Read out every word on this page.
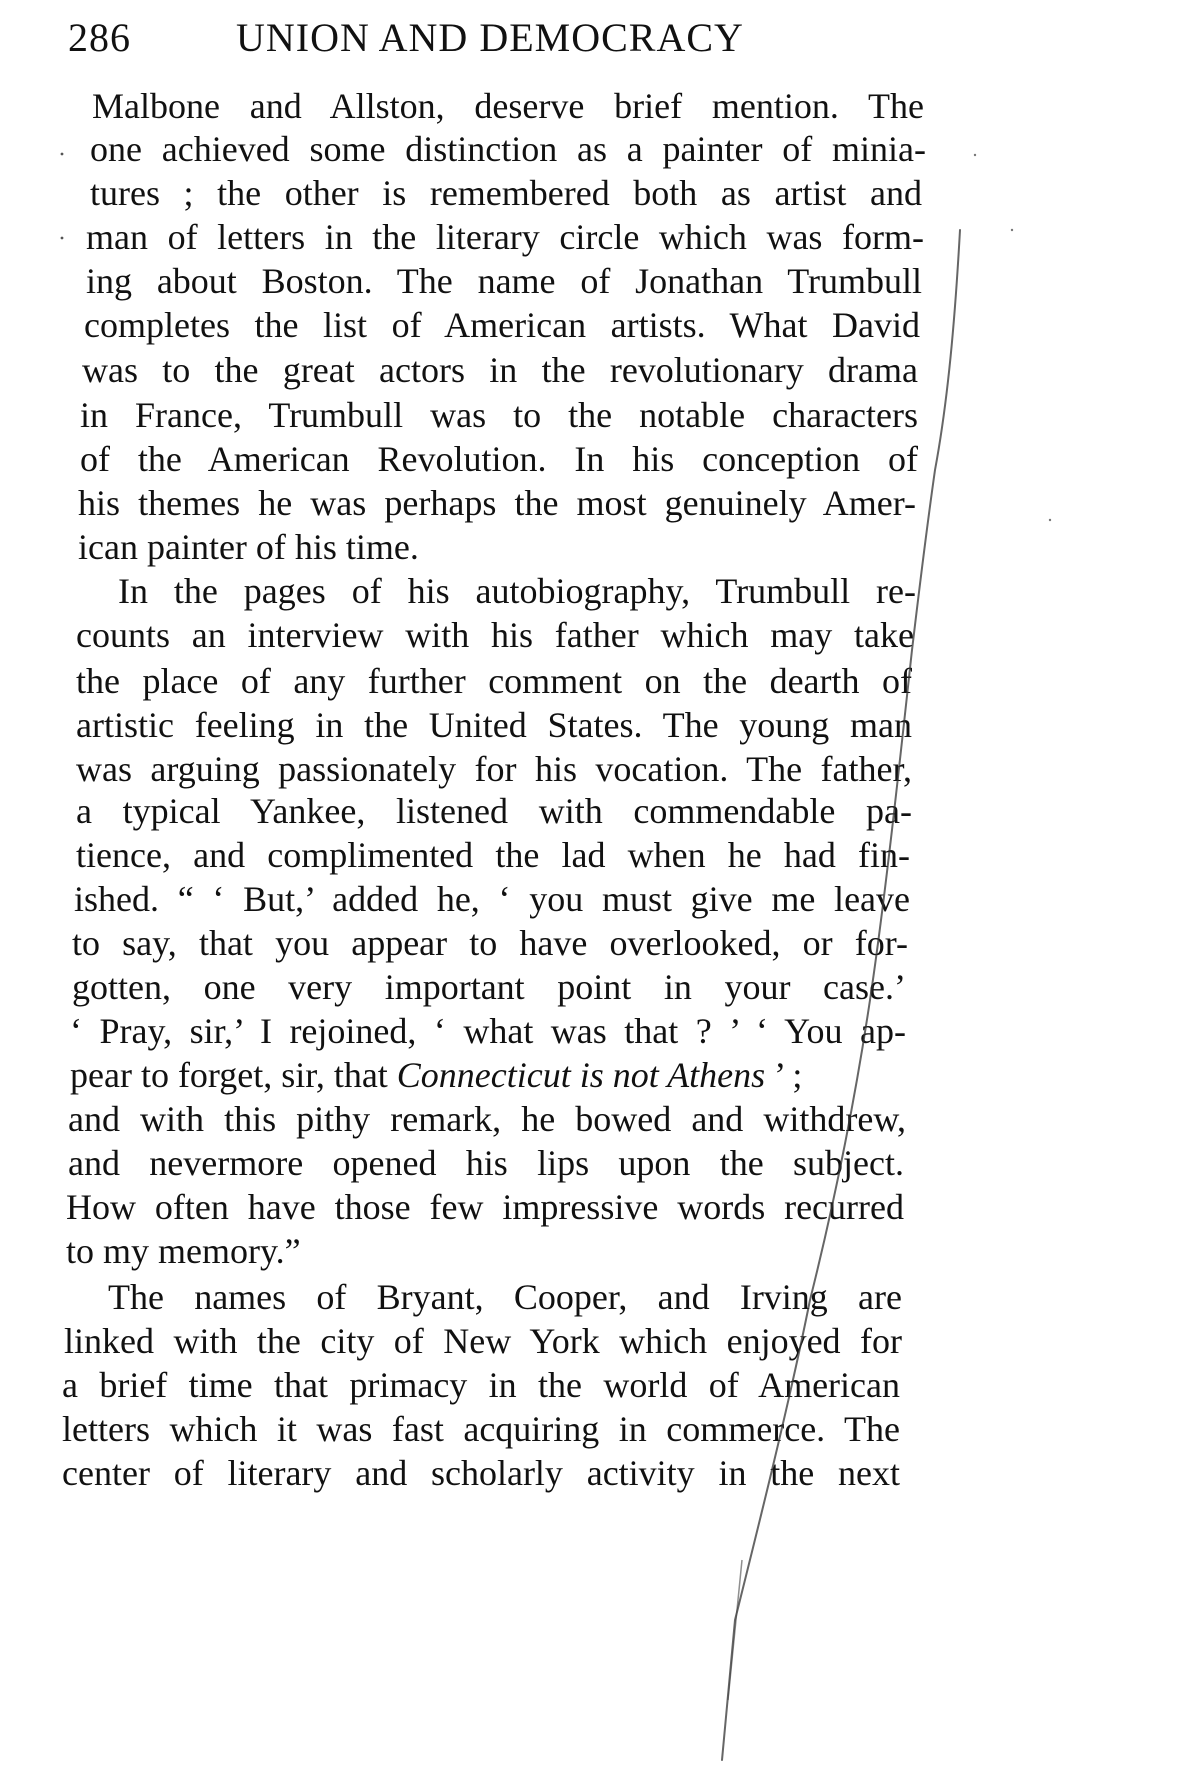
286	UNION AND DEMOCRACY
Malbone and Allston, deserve brief mention. The
one achieved some distinction as a painter of minia-
tures ; the other is remembered both as artist and
man of letters in the literary circle which was form-
ing about Boston. The name of Jonathan Trumbull
completes the list of American artists. What David
was to the great actors in the revolutionary drama
in France, Trumbull was to the notable characters
of the American Revolution. In his conception of
his themes he was perhaps the most genuinely Amer-
ican painter of his time.
In the pages of his autobiography, Trumbull re-
counts an interview with his father which may take
the place of any further comment on the dearth of
artistic feeling in the United States. The young man
was arguing passionately for his vocation. The father,
a typical Yankee, listened with commendable pa-
tience, and complimented the lad when he had fin-
ished. “ ‘ But,’ added he, ‘ you must give me leave
to say, that you appear to have overlooked, or for-
gotten, one very important point in your case.’
‘ Pray, sir,’ I rejoined, ‘ what was that ? ’ ‘ You ap-
pear to forget, sir, that Connecticut is not Athens ’ ;
and with this pithy remark, he bowed and withdrew,
and nevermore opened his lips upon the subject.
How often have those few impressive words recurred
to my memory.”
The names of Bryant, Cooper, and Irving are
linked with the city of New York which enjoyed for
a brief time that primacy in the world of American
letters which it was fast acquiring in commerce. The
center of literary and scholarly activity in the next
